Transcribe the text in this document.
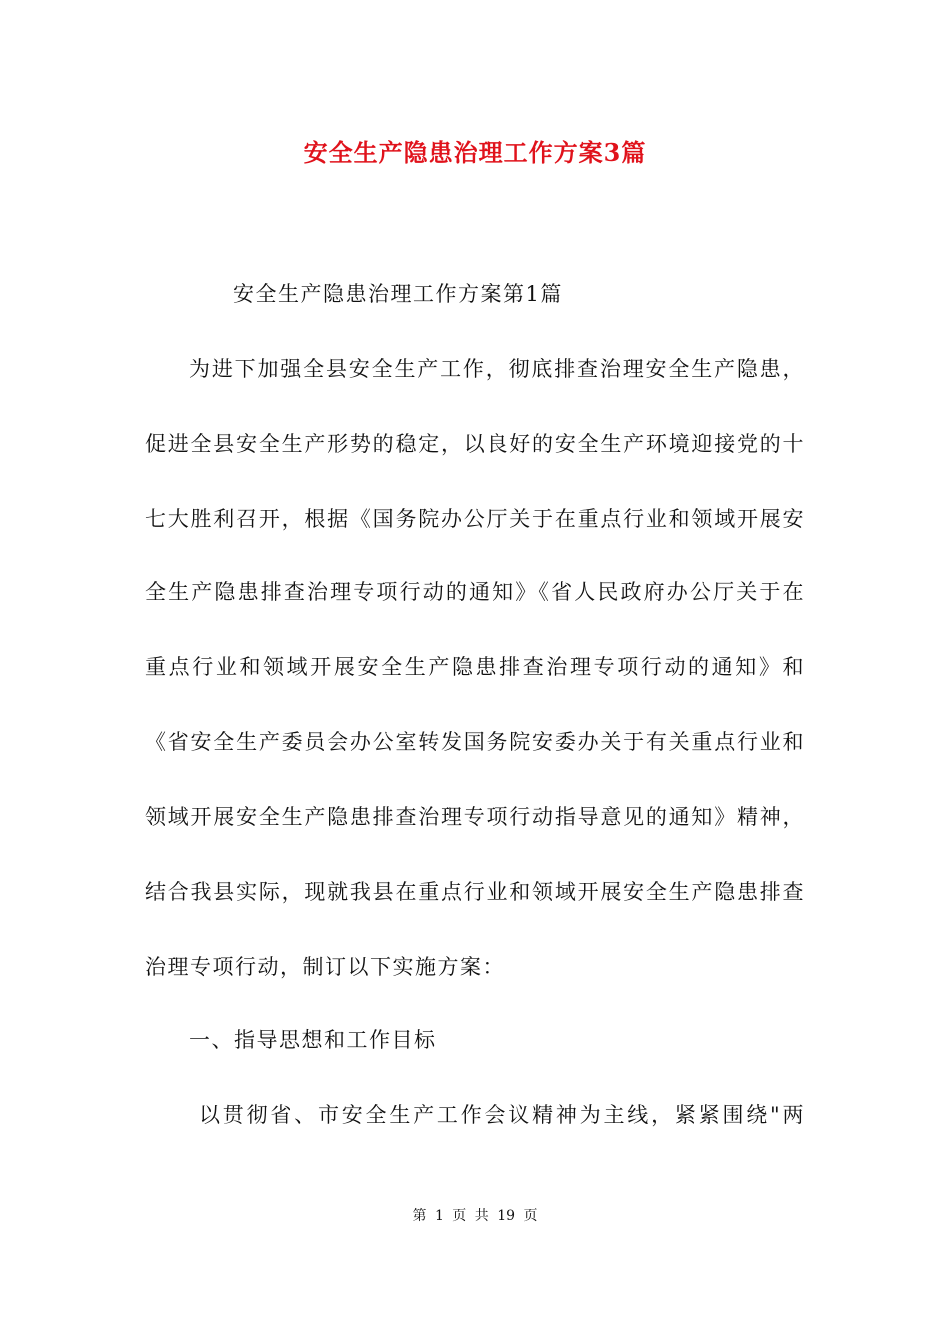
安全生产隐患治理工作方案3篇
安全生产隐患治理工作方案第1篇
为进下加强全县安全生产工作，彻底排查治理安全生产隐患，
促进全县安全生产形势的稳定，以良好的安全生产环境迎接党的十
七大胜利召开，根据《国务院办公厅关于在重点行业和领域开展安
全生产隐患排查治理专项行动的通知》《省人民政府办公厅关于在
重点行业和领域开展安全生产隐患排查治理专项行动的通知》和
《省安全生产委员会办公室转发国务院安委办关于有关重点行业和
领域开展安全生产隐患排查治理专项行动指导意见的通知》精神，
结合我县实际，现就我县在重点行业和领域开展安全生产隐患排查
治理专项行动，制订以下实施方案：
一、指导思想和工作目标
以贯彻省、市安全生产工作会议精神为主线，紧紧围绕"两
第 1 页 共 19 页
